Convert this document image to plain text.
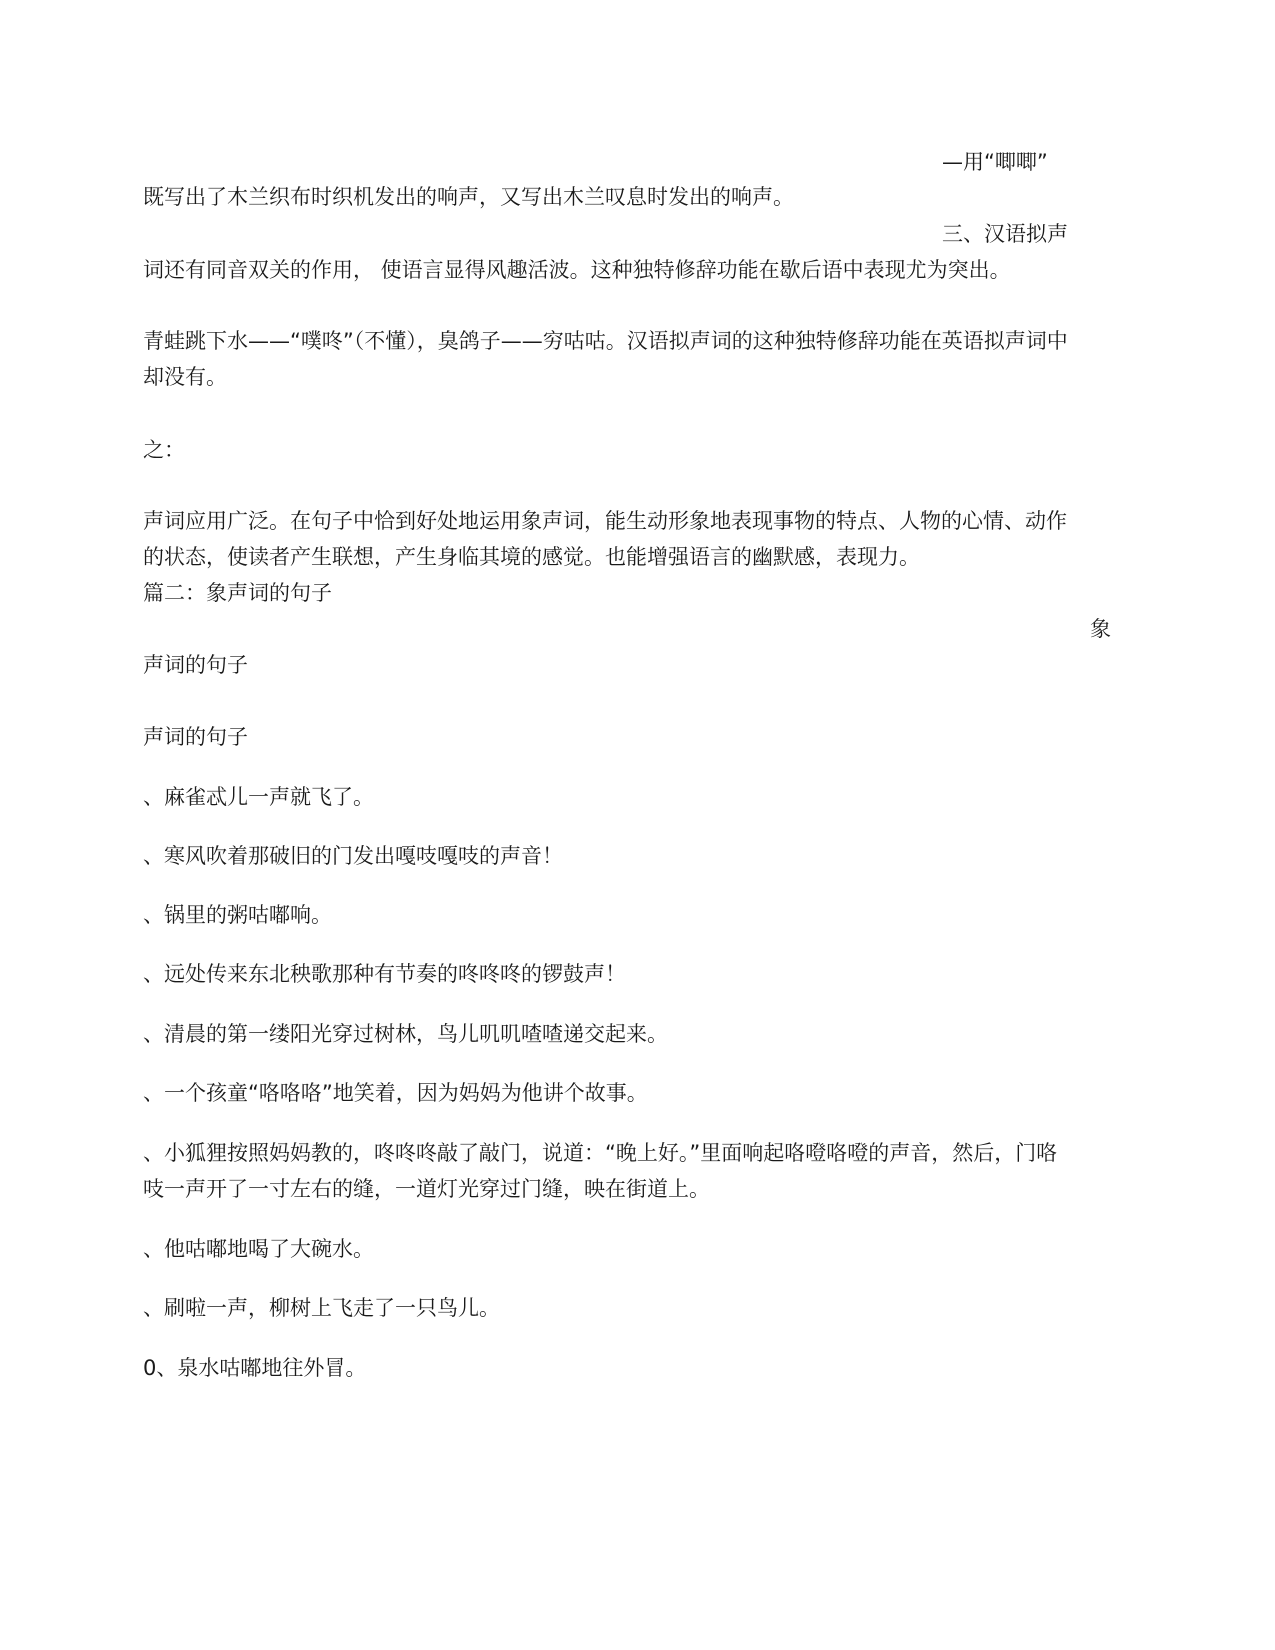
—用“唧唧”
既写出了木兰织布时织机发出的响声，又写出木兰叹息时发出的响声。
三、汉语拟声
词还有同音双关的作用， 使语言显得风趣活波。这种独特修辞功能在歇后语中表现尤为突出。
青蛙跳下水——“噗咚”（不懂），臭鸽子——穷咕咕。汉语拟声词的这种独特修辞功能在英语拟声词中
却没有。
之：
声词应用广泛。在句子中恰到好处地运用象声词，能生动形象地表现事物的特点、人物的心情、动作
的状态，使读者产生联想，产生身临其境的感觉。也能增强语言的幽默感，表现力。
篇二：象声词的句子
象
声词的句子
声词的句子
、麻雀忒儿一声就飞了。
、寒风吹着那破旧的门发出嘎吱嘎吱的声音！
、锅里的粥咕嘟响。
、远处传来东北秧歌那种有节奏的咚咚咚的锣鼓声！
、清晨的第一缕阳光穿过树林，鸟儿叽叽喳喳递交起来。
、一个孩童“咯咯咯”地笑着，因为妈妈为他讲个故事。
、小狐狸按照妈妈教的，咚咚咚敲了敲门，说道：“晚上好。”里面响起咯噔咯噔的声音，然后，门咯
吱一声开了一寸左右的缝，一道灯光穿过门缝，映在街道上。
、他咕嘟地喝了大碗水。
、刷啦一声，柳树上飞走了一只鸟儿。
0、泉水咕嘟地往外冒。
